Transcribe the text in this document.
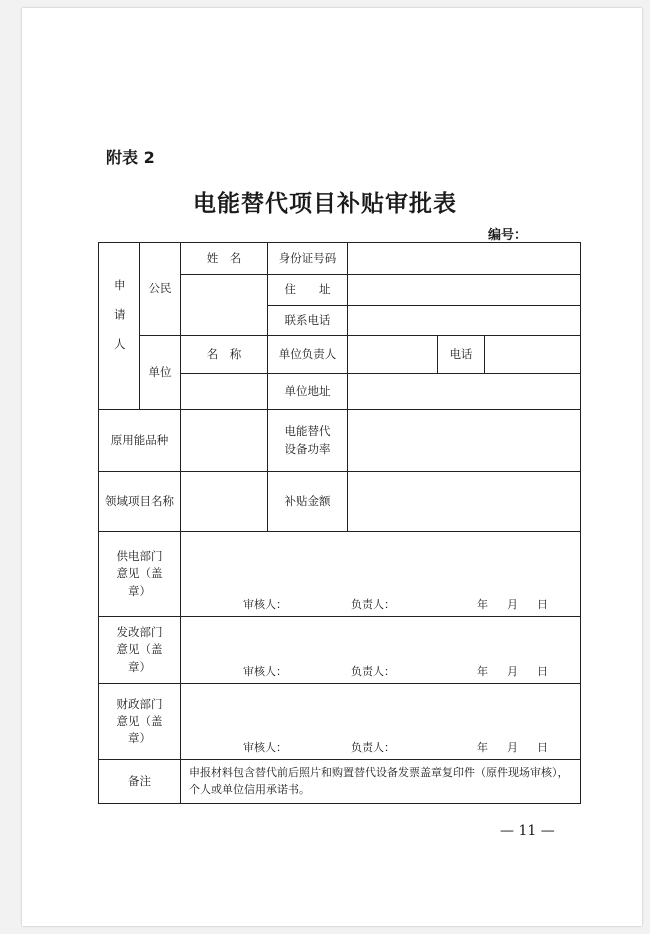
附表 2
电能替代项目补贴审批表
编号：
申请人	公民	姓　名	身份证号码			
			住　　址			
			联系电话			
	单位	名　称	单位负责人		电话	
			单位地址			
原用能品种			电能替代设备功率			
领域项目名称			补贴金额			
供电部门意见（盖章）		审核人： 负责人： 年 月 日				

发改部门意见（盖章）		审核人： 负责人： 年 月 日				

财政部门意见（盖章）		审核人： 负责人： 年 月 日				

备注		申报材料包含替代前后照片和购置替代设备发票盖章复印件（原件现场审核），个人或单位信用承诺书。				
— 11 —
